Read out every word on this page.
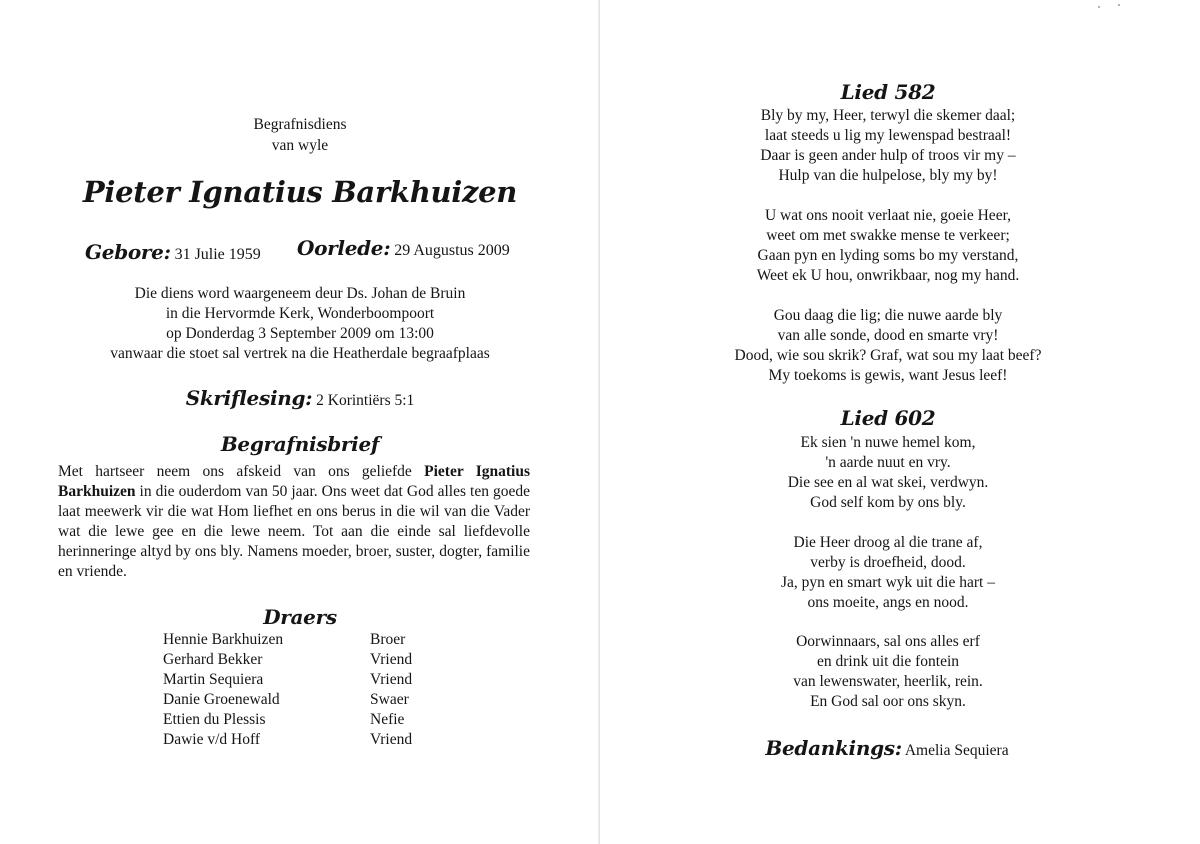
Begrafnisdiens
van wyle
Pieter Ignatius Barkhuizen
Gebore: 31 Julie 1959 Oorlede: 29 Augustus 2009
Die diens word waargeneem deur Ds. Johan de Bruin
in die Hervormde Kerk, Wonderboompoort
op Donderdag 3 September 2009 om 13:00
vanwaar die stoet sal vertrek na die Heatherdale begraafplaas
Skriflesing: 2 Korintiërs 5:1
Begrafnisbrief
Met hartseer neem ons afskeid van ons geliefde Pieter Ignatius Barkhuizen in die ouderdom van 50 jaar. Ons weet dat God alles ten goede laat meewerk vir die wat Hom liefhet en ons berus in die wil van die Vader wat die lewe gee en die lewe neem. Tot aan die einde sal liefdevolle herinneringe altyd by ons bly. Namens moeder, broer, suster, dogter, familie en vriende.
Draers
Hennie Barkhuizen	Broer
Gerhard Bekker	Vriend
Martin Sequiera	Vriend
Danie Groenewald	Swaer
Ettien du Plessis	Nefie
Dawie v/d Hoff	Vriend
Lied 582
Bly by my, Heer, terwyl die skemer daal;
laat steeds u lig my lewenspad bestraal!
Daar is geen ander hulp of troos vir my –
Hulp van die hulpelose, bly my by!
U wat ons nooit verlaat nie, goeie Heer,
weet om met swakke mense te verkeer;
Gaan pyn en lyding soms bo my verstand,
Weet ek U hou, onwrikbaar, nog my hand.
Gou daag die lig; die nuwe aarde bly
van alle sonde, dood en smarte vry!
Dood, wie sou skrik? Graf, wat sou my laat beef?
My toekoms is gewis, want Jesus leef!
Lied 602
Ek sien 'n nuwe hemel kom,
'n aarde nuut en vry.
Die see en al wat skei, verdwyn.
God self kom by ons bly.
Die Heer droog al die trane af,
verby is droefheid, dood.
Ja, pyn en smart wyk uit die hart –
ons moeite, angs en nood.
Oorwinnaars, sal ons alles erf
en drink uit die fontein
van lewenswater, heerlik, rein.
En God sal oor ons skyn.
Bedankings: Amelia Sequiera
